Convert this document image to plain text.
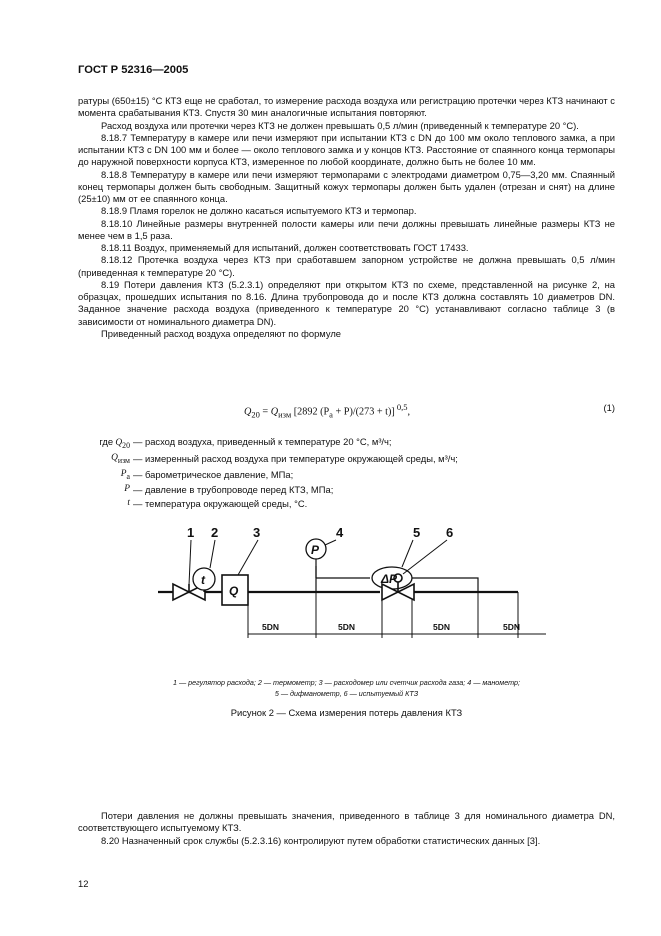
ГОСТ Р 52316—2005

ратуры (650±15) °С КТЗ еще не сработал, то измерение расхода воздуха или регистрацию протечки через КТЗ начинают с момента срабатывания КТЗ. Спустя 30 мин аналогичные испытания повторяют.

Расход воздуха или протечки через КТЗ не должен превышать 0,5 л/мин (приведенный к температуре 20 °С).

8.18.7 Температуру в камере или печи измеряют при испытании КТЗ с DN до 100 мм около теплового замка, а при испытании КТЗ с DN 100 мм и более — около теплового замка и у концов КТЗ. Расстояние от спаянного конца термопары до наружной поверхности корпуса КТЗ, измеренное по любой координате, должно быть не более 10 мм.

8.18.8 Температуру в камере или печи измеряют термопарами с электродами диаметром 0,75—3,20 мм. Спаянный конец термопары должен быть свободным. Защитный кожух термопары должен быть удален (отрезан и снят) на длине (25±10) мм от ее спаянного конца.

8.18.9 Пламя горелок не должно касаться испытуемого КТЗ и термопар.

8.18.10 Линейные размеры внутренней полости камеры или печи должны превышать линейные размеры КТЗ не менее чем в 1,5 раза.

8.18.11 Воздух, применяемый для испытаний, должен соответствовать ГОСТ 17433.

8.18.12 Протечка воздуха через КТЗ при сработавшем запорном устройстве не должна превышать 0,5 л/мин (приведенная к температуре 20 °С).

8.19 Потери давления КТЗ (5.2.3.1) определяют при открытом КТЗ по схеме, представленной на рисунке 2, на образцах, прошедших испытания по 8.16. Длина трубопровода до и после КТЗ должна составлять 10 диаметров DN. Заданное значение расхода воздуха (приведенного к температуре 20 °С) устанавливают согласно таблице 3 (в зависимости от номинального диаметра DN).

Приведенный расход воздуха определяют по формуле

$Q_{20} = Q_{изм}$ [2892 $(P_а + P)/(273 + t)$] $^{0,5}$,	(1)
где $Q_{20}$ — расход воздуха, приведенный к температуре 20 °С, м³/ч;
$Q_{изм}$ — измеренный расход воздуха при температуре окружающей среды, м³/ч;
$P_а$ — барометрическое давление, МПа;
P — давление в трубопроводе перед КТЗ, МПа;
t — температура окружающей среды, °С.
1 2	3	4	5 6
t
Q
P
ΔP
5DN	5DN	5DN	5DN
1 — регулятор расхода; 2 — термометр; 3 — расходомер или счетчик расхода газа; 4 — манометр;
5 — дифманометр, 6 — испытуемый КТЗ
Рисунок 2 — Схема измерения потерь давления КТЗ

Потери давления не должны превышать значения, приведенного в таблице 3 для номинального диаметра DN, соответствующего испытуемому КТЗ.

8.20 Назначенный срок службы (5.2.3.16) контролируют путем обработки статистических данных [3].

12
